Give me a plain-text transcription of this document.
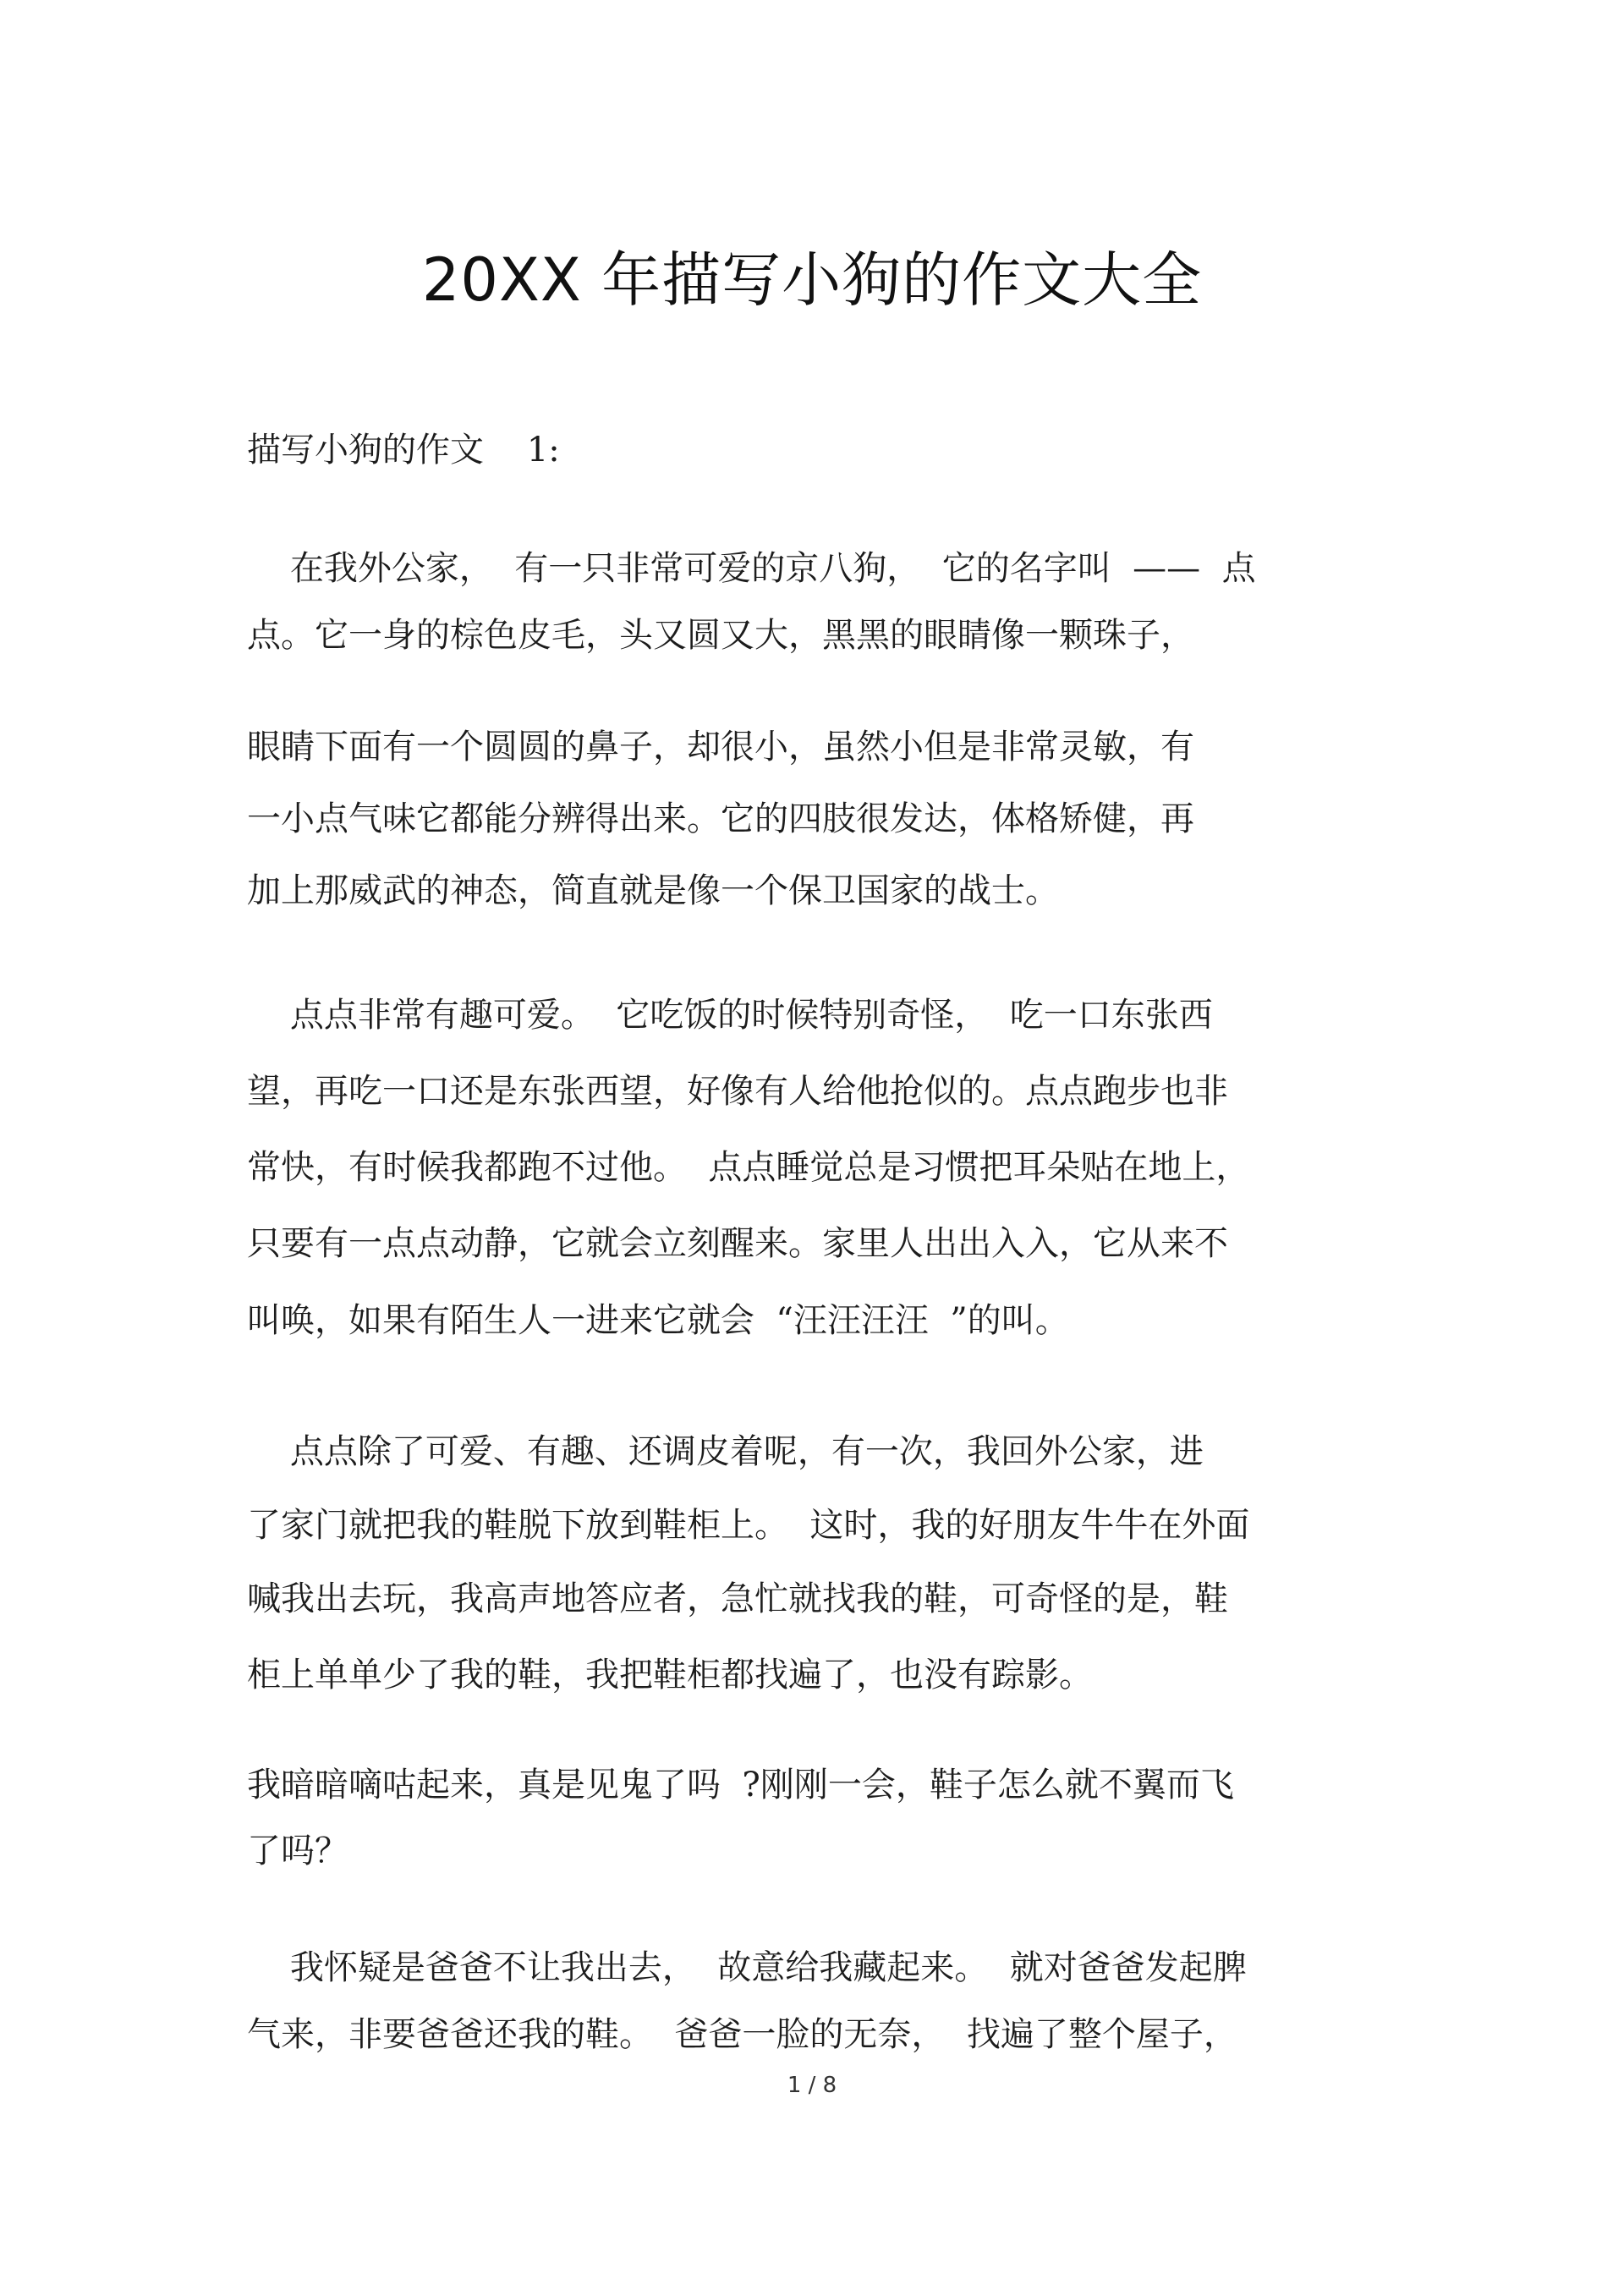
20XX 年描写小狗的作文大全
描写小狗的作文    1:
在我外公家，  有一只非常可爱的京八狗，  它的名字叫  ——  点
点。它一身的棕色皮毛，头又圆又大，黑黑的眼睛像一颗珠子，
眼睛下面有一个圆圆的鼻子，却很小，虽然小但是非常灵敏，有
一小点气味它都能分辨得出来。它的四肢很发达，体格矫健，再
加上那威武的神态，简直就是像一个保卫国家的战士。
点点非常有趣可爱。  它吃饭的时候特别奇怪，  吃一口东张西
望，再吃一口还是东张西望，好像有人给他抢似的。点点跑步也非
常快，有时候我都跑不过他。  点点睡觉总是习惯把耳朵贴在地上，
只要有一点点动静，它就会立刻醒来。家里人出出入入，它从来不
叫唤，如果有陌生人一进来它就会  “汪汪汪汪  ”的叫。
点点除了可爱、有趣、还调皮着呢，有一次，我回外公家，进
了家门就把我的鞋脱下放到鞋柜上。  这时，我的好朋友牛牛在外面
喊我出去玩，我高声地答应者，急忙就找我的鞋，可奇怪的是，鞋
柜上单单少了我的鞋，我把鞋柜都找遍了，也没有踪影。
我暗暗嘀咕起来，真是见鬼了吗  ?刚刚一会，鞋子怎么就不翼而飞
了吗？
我怀疑是爸爸不让我出去，  故意给我藏起来。  就对爸爸发起脾
气来，非要爸爸还我的鞋。  爸爸一脸的无奈，  找遍了整个屋子，
1 / 8
